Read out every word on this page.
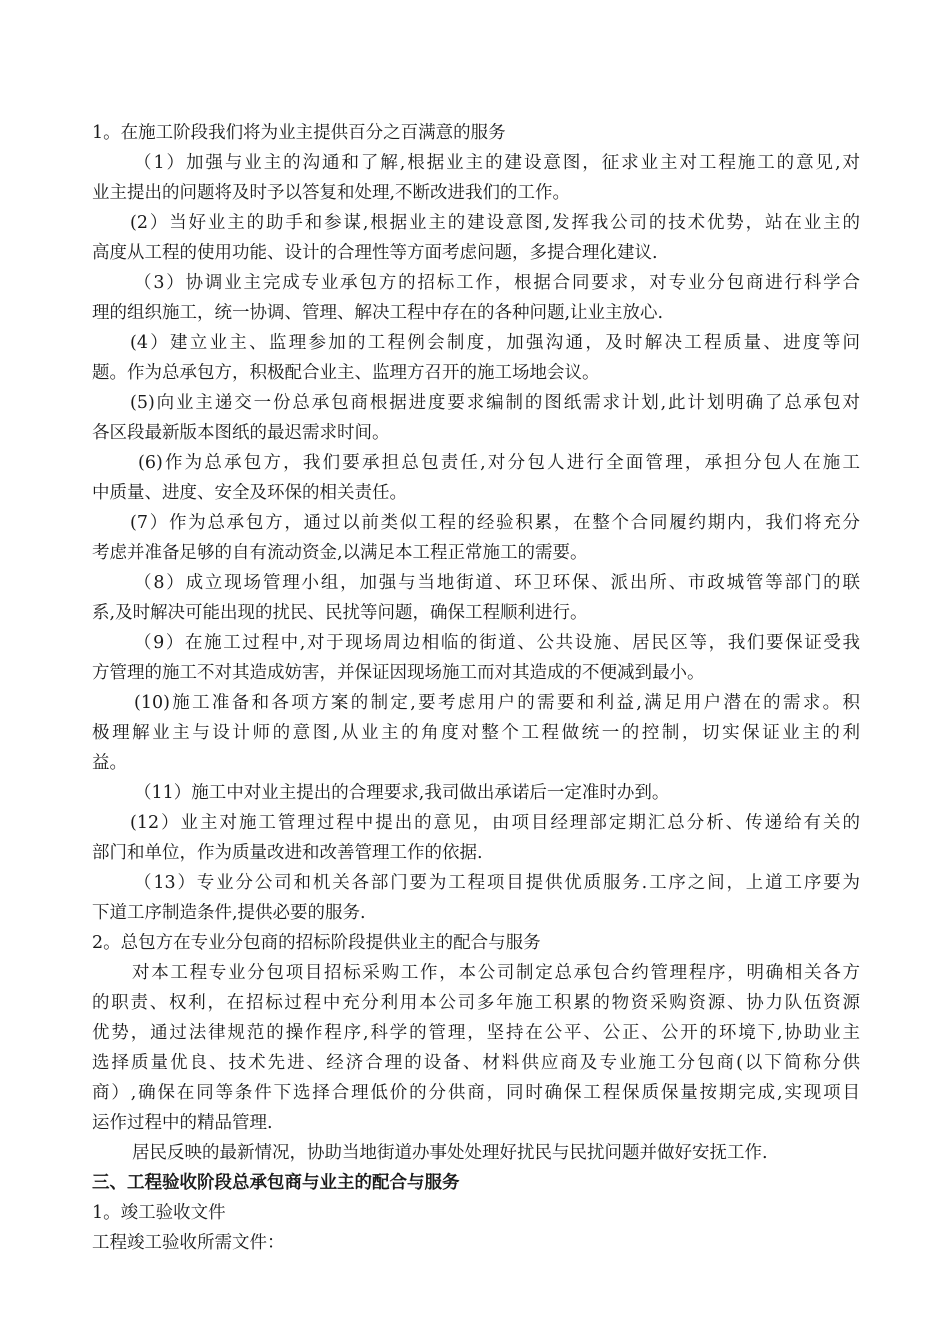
1。在施工阶段我们将为业主提供百分之百满意的服务
（1）加强与业主的沟通和了解,根据业主的建设意图，征求业主对工程施工的意见,对
业主提出的问题将及时予以答复和处理,不断改进我们的工作。
(2）当好业主的助手和参谋,根据业主的建设意图,发挥我公司的技术优势，站在业主的
高度从工程的使用功能、设计的合理性等方面考虑问题，多提合理化建议.
（3）协调业主完成专业承包方的招标工作，根据合同要求，对专业分包商进行科学合
理的组织施工，统一协调、管理、解决工程中存在的各种问题,让业主放心.
(4）建立业主、监理参加的工程例会制度，加强沟通，及时解决工程质量、进度等问
题。作为总承包方，积极配合业主、监理方召开的施工场地会议。
(5)向业主递交一份总承包商根据进度要求编制的图纸需求计划,此计划明确了总承包对
各区段最新版本图纸的最迟需求时间。
(6)作为总承包方，我们要承担总包责任,对分包人进行全面管理，承担分包人在施工
中质量、进度、安全及环保的相关责任。
(7）作为总承包方，通过以前类似工程的经验积累，在整个合同履约期内，我们将充分
考虑并准备足够的自有流动资金,以满足本工程正常施工的需要。
（8）成立现场管理小组，加强与当地街道、环卫环保、派出所、市政城管等部门的联
系,及时解决可能出现的扰民、民扰等问题，确保工程顺利进行。
（9）在施工过程中,对于现场周边相临的街道、公共设施、居民区等，我们要保证受我
方管理的施工不对其造成妨害，并保证因现场施工而对其造成的不便减到最小。
(10)施工准备和各项方案的制定,要考虑用户的需要和利益,满足用户潜在的需求。积
极理解业主与设计师的意图,从业主的角度对整个工程做统一的控制，切实保证业主的利
益。
（11）施工中对业主提出的合理要求,我司做出承诺后一定准时办到。
(12）业主对施工管理过程中提出的意见，由项目经理部定期汇总分析、传递给有关的
部门和单位，作为质量改进和改善管理工作的依据.
（13）专业分公司和机关各部门要为工程项目提供优质服务.工序之间，上道工序要为
下道工序制造条件,提供必要的服务.
2。总包方在专业分包商的招标阶段提供业主的配合与服务
对本工程专业分包项目招标采购工作，本公司制定总承包合约管理程序，明确相关各方
的职责、权利，在招标过程中充分利用本公司多年施工积累的物资采购资源、协力队伍资源
优势，通过法律规范的操作程序,科学的管理，坚持在公平、公正、公开的环境下,协助业主
选择质量优良、技术先进、经济合理的设备、材料供应商及专业施工分包商(以下简称分供
商）,确保在同等条件下选择合理低价的分供商，同时确保工程保质保量按期完成,实现项目
运作过程中的精品管理.
居民反映的最新情况，协助当地街道办事处处理好扰民与民扰问题并做好安抚工作.
三、工程验收阶段总承包商与业主的配合与服务
1。竣工验收文件
工程竣工验收所需文件：
